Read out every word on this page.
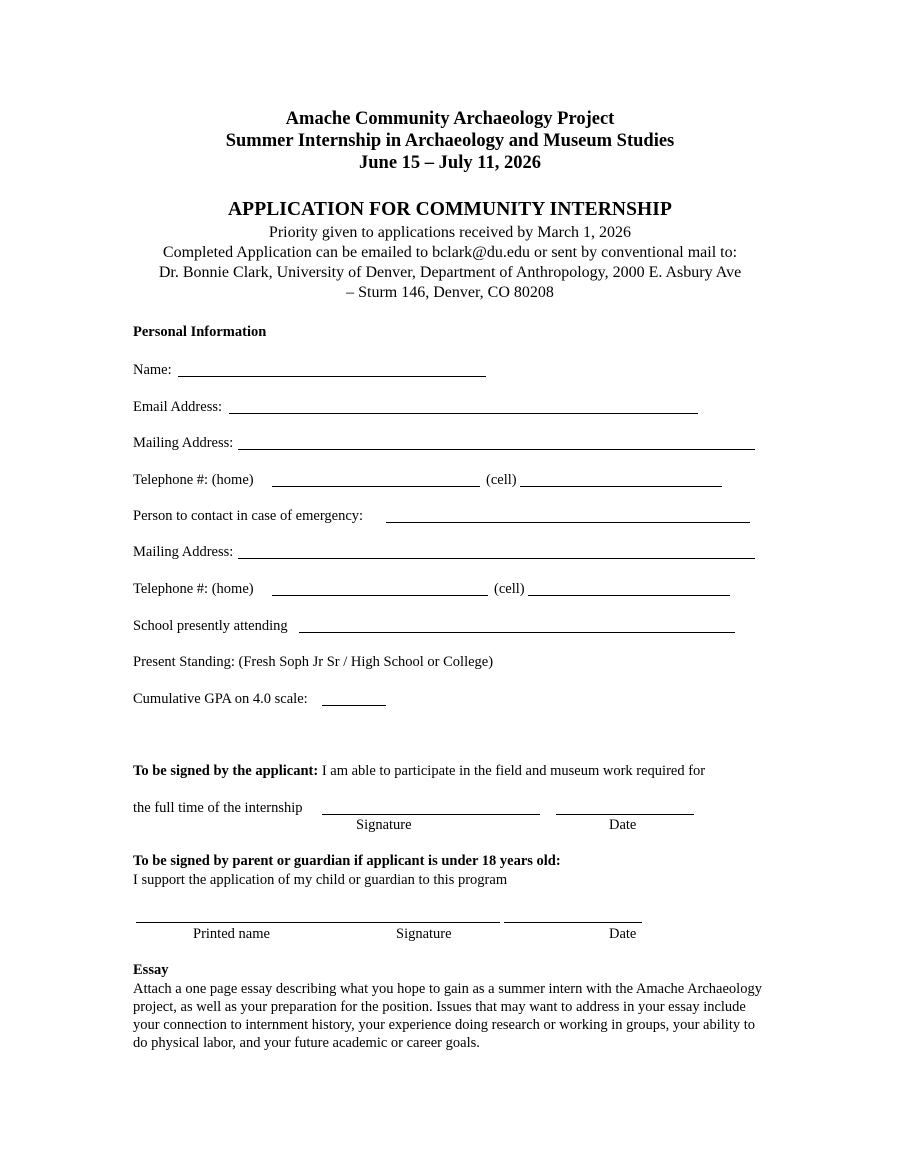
Amache Community Archaeology Project
Summer Internship in Archaeology and Museum Studies
June 15 – July 11, 2026
APPLICATION FOR COMMUNITY INTERNSHIP
Priority given to applications received by March 1, 2026
Completed Application can be emailed to bclark@du.edu or sent by conventional mail to:
Dr. Bonnie Clark, University of Denver, Department of Anthropology, 2000 E. Asbury Ave
– Sturm 146, Denver, CO 80208
Personal Information
Name:
Email Address:
Mailing Address:
Telephone #: (home)	(cell)
Person to contact in case of emergency:
Mailing Address:
Telephone #: (home)	(cell)
School presently attending
Present Standing: (Fresh Soph Jr Sr / High School or College)
Cumulative GPA on 4.0 scale:
To be signed by the applicant: I am able to participate in the field and museum work required for
the full time of the internship
Signature	Date
To be signed by parent or guardian if applicant is under 18 years old:
I support the application of my child or guardian to this program
Printed name	Signature	Date
Essay
Attach a one page essay describing what you hope to gain as a summer intern with the Amache Archaeology project, as well as your preparation for the position. Issues that may want to address in your essay include your connection to internment history, your experience doing research or working in groups, your ability to do physical labor, and your future academic or career goals.
